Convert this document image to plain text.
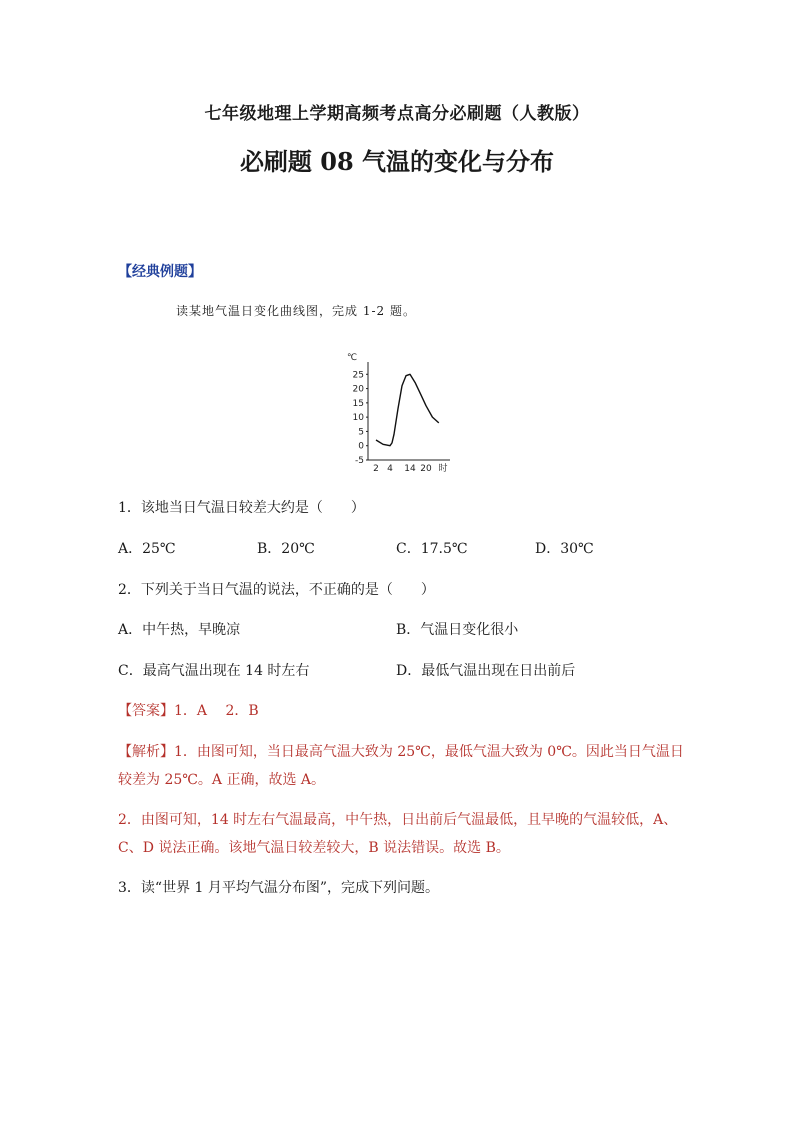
七年级地理上学期高频考点高分必刷题（人教版）
必刷题 08 气温的变化与分布
【经典例题】
读某地气温日变化曲线图，完成 1-2 题。
℃
25
20
15
10
5
0
-5
2 4 14 20 时
1．该地当日气温日较差大约是（　　）
A．25℃	B．20℃	C．17.5℃	D．30℃
2．下列关于当日气温的说法，不正确的是（　　）
A．中午热，早晚凉	B．气温日变化很小
C．最高气温出现在 14 时左右	D．最低气温出现在日出前后
【答案】1．A　 2．B
【解析】1．由图可知，当日最高气温大致为 25℃，最低气温大致为 0℃。因此当日气温日
较差为 25℃。A 正确，故选 A。
2．由图可知，14 时左右气温最高，中午热，日出前后气温最低，且早晚的气温较低，A、
C、D 说法正确。该地气温日较差较大，B 说法错误。故选 B。
3．读“世界 1 月平均气温分布图”，完成下列问题。
